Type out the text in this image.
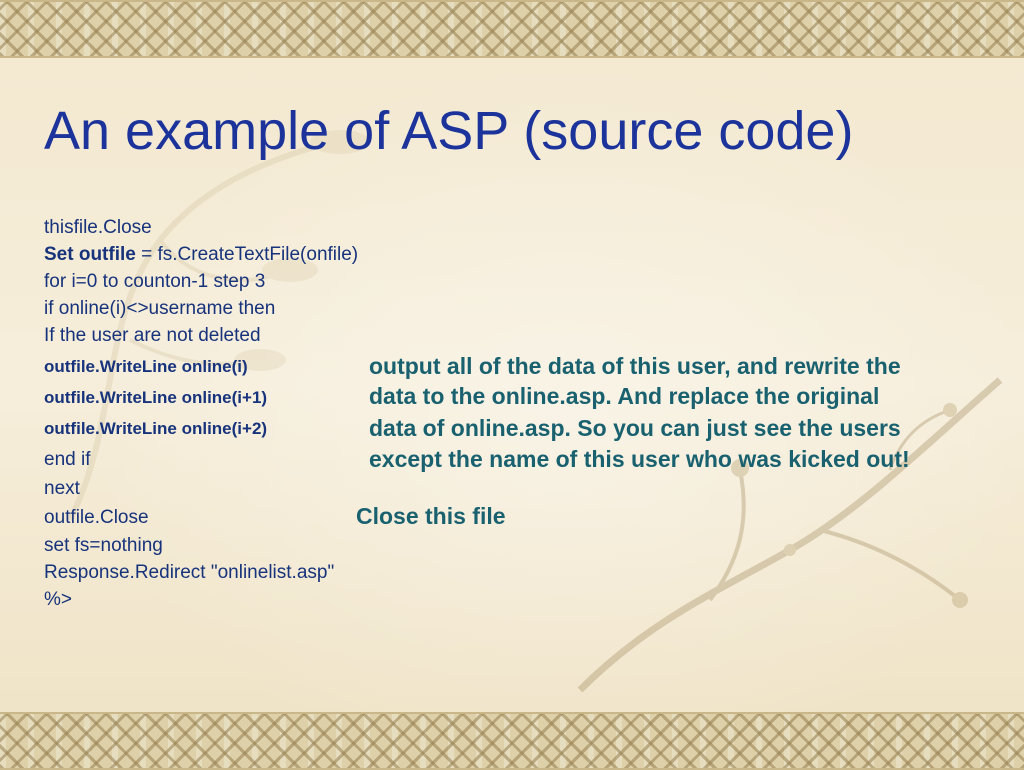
An example of ASP (source code)

thisfile.Close

Set outfile = fs.CreateTextFile(onfile)

for i=0 to counton-1 step 3

if online(i)<>username then

If the user are not deleted

outfile.WriteLine online(i)

outfile.WriteLine online(i+1)

outfile.WriteLine online(i+2)

end if

next

outfile.Close

set fs=nothing

Response.Redirect "onlinelist.asp"

%>

output all of the data of this user, and rewrite the

data to the online.asp. And replace the original

data of online.asp. So you can just see the users

except the name of this user who was kicked out!

Close this file
